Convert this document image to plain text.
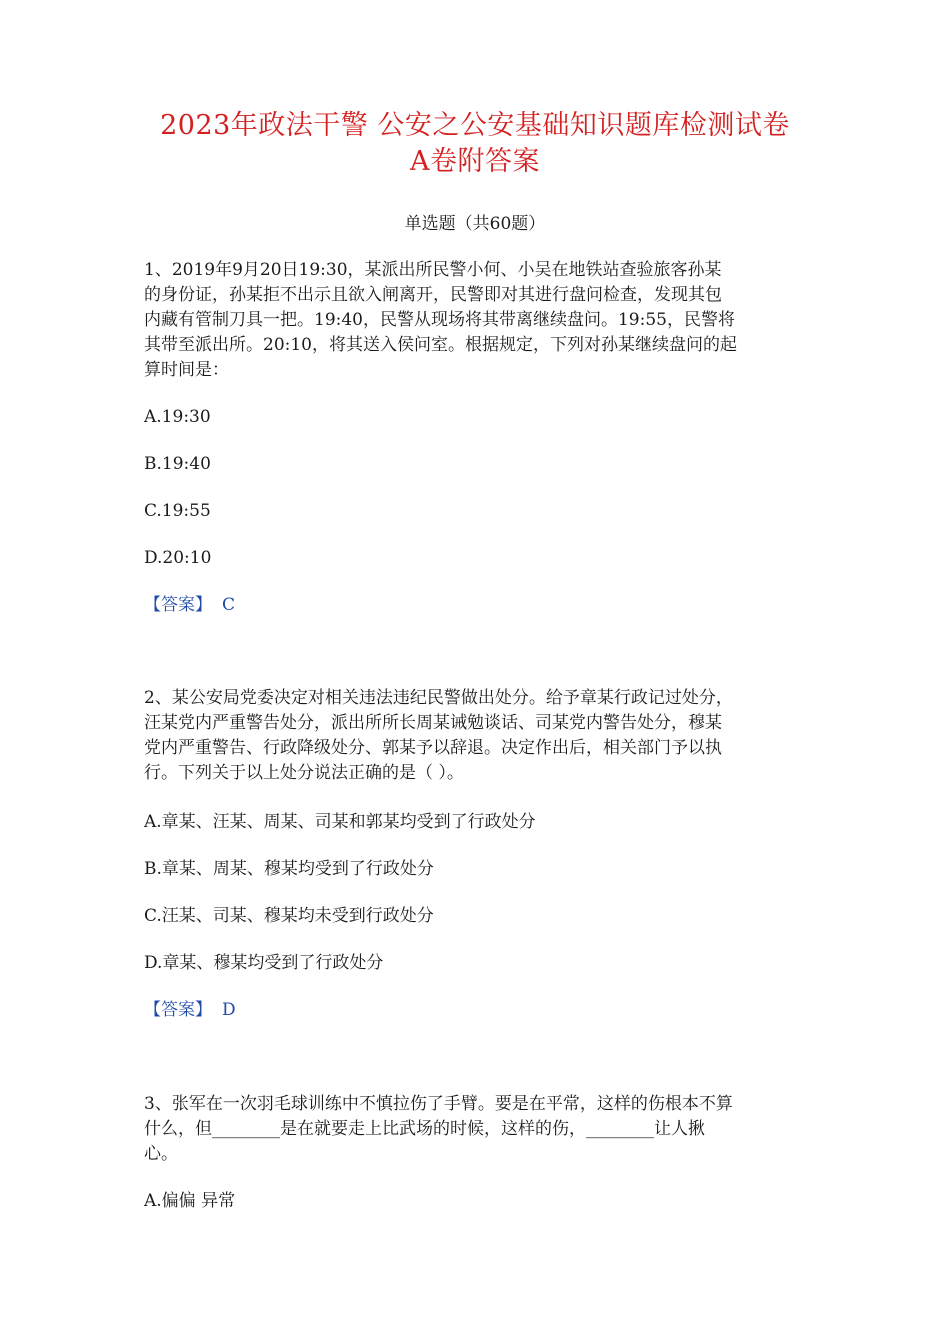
2023年政法干警 公安之公安基础知识题库检测试卷
A卷附答案
单选题（共60题）
1、2019年9月20日19:30，某派出所民警小何、小吴在地铁站查验旅客孙某
的身份证，孙某拒不出示且欲入闸离开，民警即对其进行盘问检查，发现其包
内藏有管制刀具一把。19:40，民警从现场将其带离继续盘问。19:55，民警将
其带至派出所。20:10，将其送入侯问室。根据规定，下列对孙某继续盘问的起
算时间是：
A.19:30
B.19:40
C.19:55
D.20:10
【答案】 C
2、某公安局党委决定对相关违法违纪民警做出处分。给予章某行政记过处分，
汪某党内严重警告处分，派出所所长周某诫勉谈话、司某党内警告处分，穆某
党内严重警告、行政降级处分、郭某予以辞退。决定作出后，相关部门予以执
行。下列关于以上处分说法正确的是（ ）。
A.章某、汪某、周某、司某和郭某均受到了行政处分
B.章某、周某、穆某均受到了行政处分
C.汪某、司某、穆某均未受到行政处分
D.章某、穆某均受到了行政处分
【答案】 D
3、张军在一次羽毛球训练中不慎拉伤了手臂。要是在平常，这样的伤根本不算
什么，但________是在就要走上比武场的时候，这样的伤，________让人揪
心。
A.偏偏 异常
